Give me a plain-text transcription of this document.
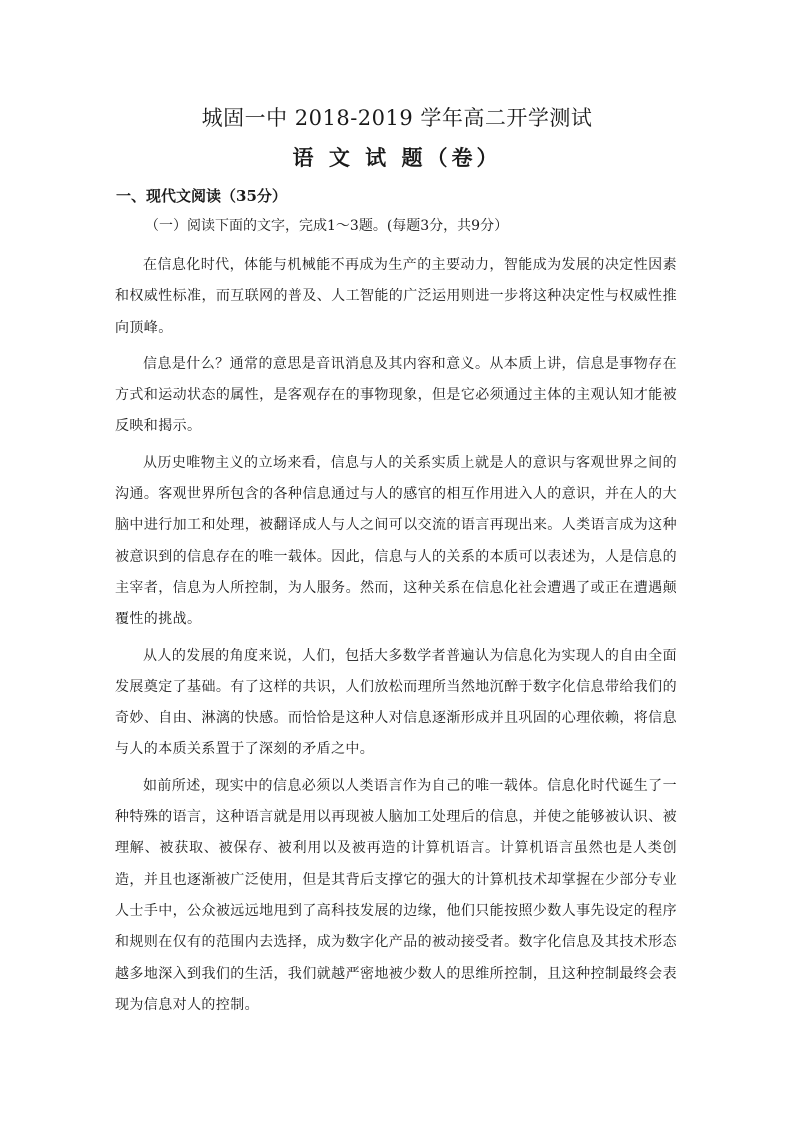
城固一中 2018-2019 学年高二开学测试
语 文 试 题（卷）
一、现代文阅读（35分）
（一）阅读下面的文字，完成1～3题。(每题3分，共9分）

在信息化时代，体能与机械能不再成为生产的主要动力，智能成为发展的决定性因素和权威性标准，而互联网的普及、人工智能的广泛运用则进一步将这种决定性与权威性推向顶峰。

信息是什么？通常的意思是音讯消息及其内容和意义。从本质上讲，信息是事物存在方式和运动状态的属性，是客观存在的事物现象，但是它必须通过主体的主观认知才能被反映和揭示。

从历史唯物主义的立场来看，信息与人的关系实质上就是人的意识与客观世界之间的沟通。客观世界所包含的各种信息通过与人的感官的相互作用进入人的意识，并在人的大脑中进行加工和处理，被翻译成人与人之间可以交流的语言再现出来。人类语言成为这种被意识到的信息存在的唯一载体。因此，信息与人的关系的本质可以表述为，人是信息的主宰者，信息为人所控制，为人服务。然而，这种关系在信息化社会遭遇了或正在遭遇颠覆性的挑战。

从人的发展的角度来说，人们，包括大多数学者普遍认为信息化为实现人的自由全面发展奠定了基础。有了这样的共识，人们放松而理所当然地沉醉于数字化信息带给我们的奇妙、自由、淋漓的快感。而恰恰是这种人对信息逐渐形成并且巩固的心理依赖，将信息与人的本质关系置于了深刻的矛盾之中。

如前所述，现实中的信息必须以人类语言作为自己的唯一载体。信息化时代诞生了一种特殊的语言，这种语言就是用以再现被人脑加工处理后的信息，并使之能够被认识、被理解、被获取、被保存、被利用以及被再造的计算机语言。计算机语言虽然也是人类创造，并且也逐渐被广泛使用，但是其背后支撑它的强大的计算机技术却掌握在少部分专业人士手中，公众被远远地甩到了高科技发展的边缘，他们只能按照少数人事先设定的程序和规则在仅有的范围内去选择，成为数字化产品的被动接受者。数字化信息及其技术形态越多地深入到我们的生活，我们就越严密地被少数人的思维所控制，且这种控制最终会表现为信息对人的控制。
